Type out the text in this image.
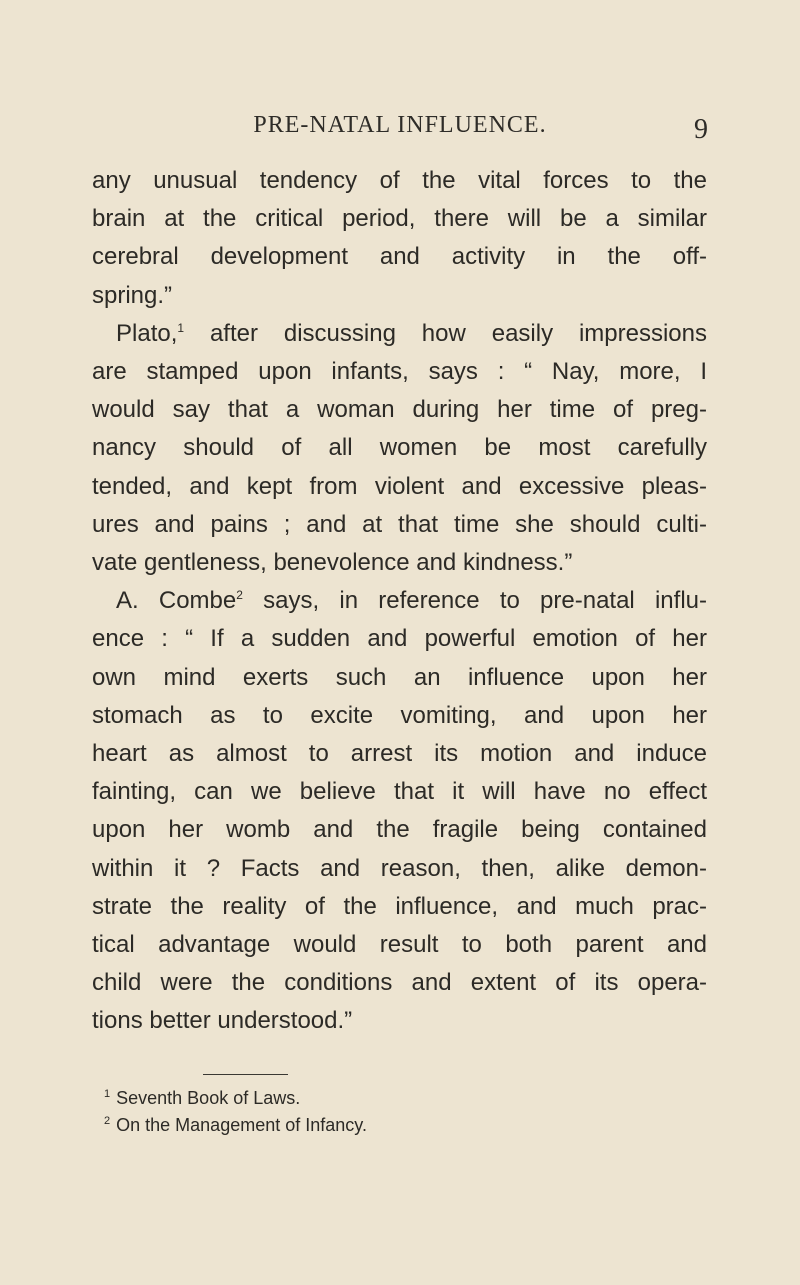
PRE-NATAL INFLUENCE.	9
any unusual tendency of the vital forces to the
brain at the critical period, there will be a similar
cerebral development and activity in the off-
spring.”
Plato,$^1$ after discussing how easily impressions
are stamped upon infants, says : “ Nay, more, I
would say that a woman during her time of preg-
nancy should of all women be most carefully
tended, and kept from violent and excessive pleas-
ures and pains ; and at that time she should culti-
vate gentleness, benevolence and kindness.”
A. Combe$^2$ says, in reference to pre-natal influ-
ence : “ If a sudden and powerful emotion of her
own mind exerts such an influence upon her
stomach as to excite vomiting, and upon her
heart as almost to arrest its motion and induce
fainting, can we believe that it will have no effect
upon her womb and the fragile being contained
within it ? Facts and reason, then, alike demon-
strate the reality of the influence, and much prac-
tical advantage would result to both parent and
child were the conditions and extent of its opera-
tions better understood.”
$^1$ Seventh Book of Laws.
$^2$ On the Management of Infancy.
